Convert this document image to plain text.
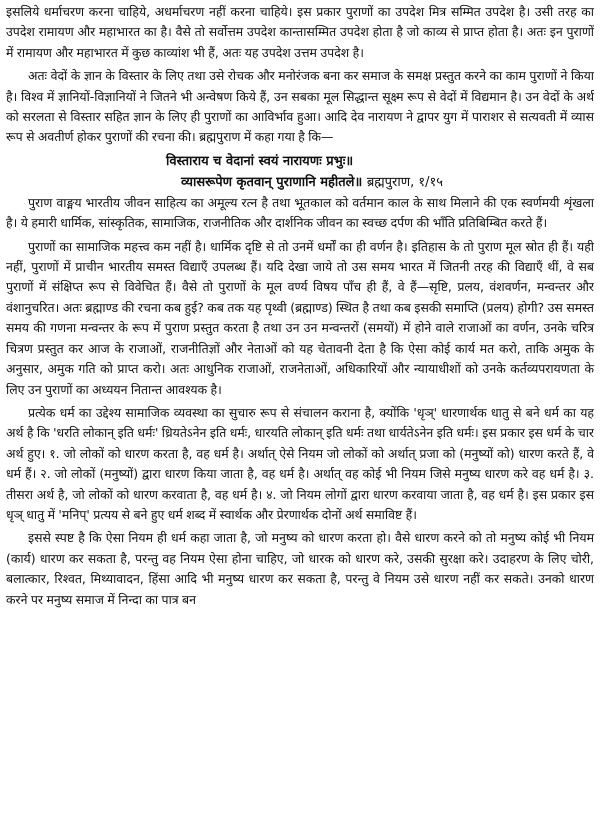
इसलिये धर्माचरण करना चाहिये, अधर्माचरण नहीं करना चाहिये। इस प्रकार पुराणों का उपदेश मित्र सम्मित उपदेश है। उसी तरह का उपदेश रामायण और महाभारत का है। वैसे तो सर्वोत्तम उपदेश कान्तासम्मित उपदेश होता है जो काव्य से प्राप्त होता है। अतः इन पुराणों में रामायण और महाभारत में कुछ काव्यांश भी हैं, अतः यह उपदेश उत्तम उपदेश है।

अतः वेदों के ज्ञान के विस्तार के लिए तथा उसे रोचक और मनोरंजक बना कर समाज के समक्ष प्रस्तुत करने का काम पुराणों ने किया है। विश्व में ज्ञानियों-विज्ञानियों ने जितने भी अन्वेषण किये हैं, उन सबका मूल सिद्धान्त सूक्ष्म रूप से वेदों में विद्यमान है। उन वेदों के अर्थ को सरलता से विस्तार सहित ज्ञान के लिए ही पुराणों का आविर्भाव हुआ। आदि देव नारायण ने द्वापर युग में पाराशर से सत्यवती में व्यास रूप से अवतीर्ण होकर पुराणों की रचना की। ब्रह्मपुराण में कहा गया है कि—

विस्ताराय च वेदानां स्वयं नारायणः प्रभुः॥
व्यासरूपेण कृतवान् पुराणानि महीतले॥ ब्रह्मपुराण, १/१५

पुराण वाङ्मय भारतीय जीवन साहित्य का अमूल्य रत्न है तथा भूतकाल को वर्तमान काल के साथ मिलाने की एक स्वर्णमयी शृंखला है। ये हमारी धार्मिक, सांस्कृतिक, सामाजिक, राजनीतिक और दार्शनिक जीवन का स्वच्छ दर्पण की भाँति प्रतिबिम्बित करते हैं।

पुराणों का सामाजिक महत्त्व कम नहीं है। धार्मिक दृष्टि से तो उनमें धर्मों का ही वर्णन है। इतिहास के तो पुराण मूल स्रोत ही हैं। यही नहीं, पुराणों में प्राचीन भारतीय समस्त विद्याएँ उपलब्ध हैं। यदि देखा जाये तो उस समय भारत में जितनी तरह की विद्याएँ थीं, वे सब पुराणों में संक्षिप्त रूप से विवेचित हैं। वैसे तो पुराणों के मूल वर्ण्य विषय पाँच ही हैं, वे हैं—सृष्टि, प्रलय, वंशवर्णन, मन्वन्तर और वंशानुचरित। अतः ब्रह्माण्ड की रचना कब हुई? कब तक यह पृथ्वी (ब्रह्माण्ड) स्थित है तथा कब इसकी समाप्ति (प्रलय) होगी? उस समस्त समय की गणना मन्वन्तर के रूप में पुराण प्रस्तुत करता है तथा उन उन मन्वन्तरों (समयों) में होने वाले राजाओं का वर्णन, उनके चरित्र चित्रण प्रस्तुत कर आज के राजाओं, राजनीतिज्ञों और नेताओं को यह चेतावनी देता है कि ऐसा कोई कार्य मत करो, ताकि अमुक के अनुसार, अमुक गति को प्राप्त करो। अतः आधुनिक राजाओं, राजनेताओं, अधिकारियों और न्यायाधीशों को उनके कर्तव्यपरायणता के लिए उन पुराणों का अध्ययन नितान्त आवश्यक है।

प्रत्येक धर्म का उद्देश्य सामाजिक व्यवस्था का सुचारु रूप से संचालन कराना है, क्योंकि 'धृञ्' धारणार्थक धातु से बने धर्म का यह अर्थ है कि 'धरति लोकान् इति धर्मः' ध्रियतेऽनेन इति धर्मः, धारयति लोकान् इति धर्मः तथा धार्यतेऽनेन इति धर्मः। इस प्रकार इस धर्म के चार अर्थ हुए। १. जो लोकों को धारण करता है, वह धर्म है। अर्थात् ऐसे नियम जो लोकों को अर्थात् प्रजा को (मनुष्यों को) धारण करते हैं, वे धर्म हैं। २. जो लोकों (मनुष्यों) द्वारा धारण किया जाता है, वह धर्म है। अर्थात् वह कोई भी नियम जिसे मनुष्य धारण करे वह धर्म है। ३. तीसरा अर्थ है, जो लोकों को धारण करवाता है, वह धर्म है। ४. जो नियम लोगों द्वारा धारण करवाया जाता है, वह धर्म है। इस प्रकार इस धृञ् धातु में 'मनिप्' प्रत्यय से बने हुए धर्म शब्द में स्वार्थक और प्रेरणार्थक दोनों अर्थ समाविष्ट हैं।

इससे स्पष्ट है कि ऐसा नियम ही धर्म कहा जाता है, जो मनुष्य को धारण करता हो। वैसे धारण करने को तो मनुष्य कोई भी नियम (कार्य) धारण कर सकता है, परन्तु वह नियम ऐसा होना चाहिए, जो धारक को धारण करे, उसकी सुरक्षा करे। उदाहरण के लिए चोरी, बलात्कार, रिश्वत, मिथ्यावादन, हिंसा आदि भी मनुष्य धारण कर सकता है, परन्तु वे नियम उसे धारण नहीं कर सकते। उनको धारण करने पर मनुष्य समाज में निन्दा का पात्र बन
